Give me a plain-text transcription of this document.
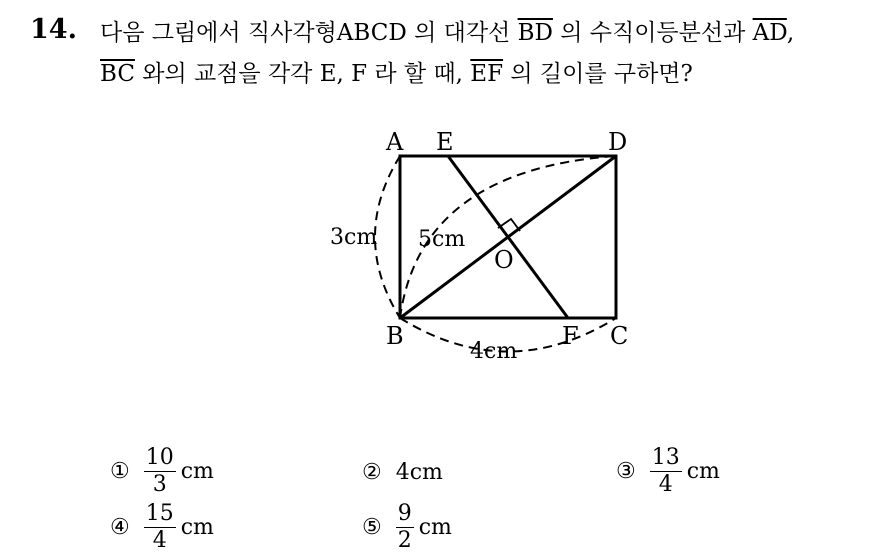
14. 다음 그림에서 직사각형ABCD 의 대각선 $\overline{BD}$ 의 수직이등분선과 $\overline{AD}$,
$\overline{BC}$ 와의 교점을 각각 E, F 라 할 때, $\overline{EF}$ 의 길이를 구하면?
A E	D
O
B	F C
3cm 5cm
4cm
① $\frac{10}{3}$ cm	② 4cm	③ $\frac{13}{4}$ cm
④ $\frac{15}{4}$ cm	⑤ $\frac{9}{2}$ cm
